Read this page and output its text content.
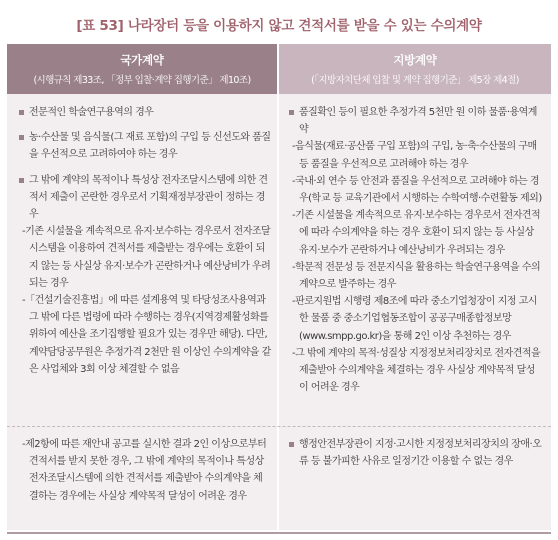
[표 53] 나라장터 등을 이용하지 않고 견적서를 받을 수 있는 수의계약
국가계약
(시행규칙 제33조, 「정부 입찰·계약 집행기준」 제10조)
지방계약
(「지방자치단체 입찰 및 계약 집행기준」 제5장 제4절)

전문적인 학술연구용역의 경우

농·수산물 및 음식물(그 재료 포함)의 구입 등 신선도와 품질을 우선적으로 고려하여야 하는 경우

그 밖에 계약의 목적이나 특성상 전자조달시스템에 의한 견적서 제출이 곤란한 경우로서 기획재정부장관이 정하는 경우

-기존 시설물을 계속적으로 유지·보수하는 경우로서 전자조달시스템을 이용하여 견적서를 제출받는 경우에는 호환이 되지 않는 등 사실상 유지·보수가 곤란하거나 예산낭비가 우려되는 경우

-「건설기술진흥법」에 따른 설계용역 및 타당성조사용역과 그 밖에 다른 법령에 따라 수행하는 경우(지역경제활성화를 위하여 예산을 조기집행할 필요가 있는 경우만 해당). 다만, 계약담당공무원은 추정가격 2천만 원 이상인 수의계약을 같은 사업체와 3회 이상 체결할 수 없음

품질확인 등이 필요한 추정가격 5천만 원 이하 물품·용역계약

-음식물(재료·공산품 구입 포함)의 구입, 농·축·수산물의 구매 등 품질을 우선적으로 고려해야 하는 경우

-국내·외 연수 등 안전과 품질을 우선적으로 고려해야 하는 경우(학교 등 교육기관에서 시행하는 수학여행·수련활동 제외)

-기존 시설물을 계속적으로 유지·보수하는 경우로서 전자견적에 따라 수의계약을 하는 경우 호환이 되지 않는 등 사실상 유지·보수가 곤란하거나 예산낭비가 우려되는 경우

-학문적 전문성 등 전문지식을 활용하는 학술연구용역을 수의계약으로 발주하는 경우

-판로지원법 시행령 제8조에 따라 중소기업청장이 지정 고시한 물품 중 중소기업협동조합이 공공구매종합정보망(www.smpp.go.kr)을 통해 2인 이상 추천하는 경우

-그 밖에 계약의 목적·성질상 지정정보처리장치로 전자견적을 제출받아 수의계약을 체결하는 경우 사실상 계약목적 달성이 어려운 경우

-제2항에 따른 재안내 공고를 실시한 결과 2인 이상으로부터 견적서를 받지 못한 경우, 그 밖에 계약의 목적이나 특성상 전자조달시스템에 의한 견적서를 제출받아 수의계약을 체결하는 경우에는 사실상 계약목적 달성이 어려운 경우

행정안전부장관이 지정·고시한 지정정보처리장치의 장애·오류 등 불가피한 사유로 일정기간 이용할 수 없는 경우
